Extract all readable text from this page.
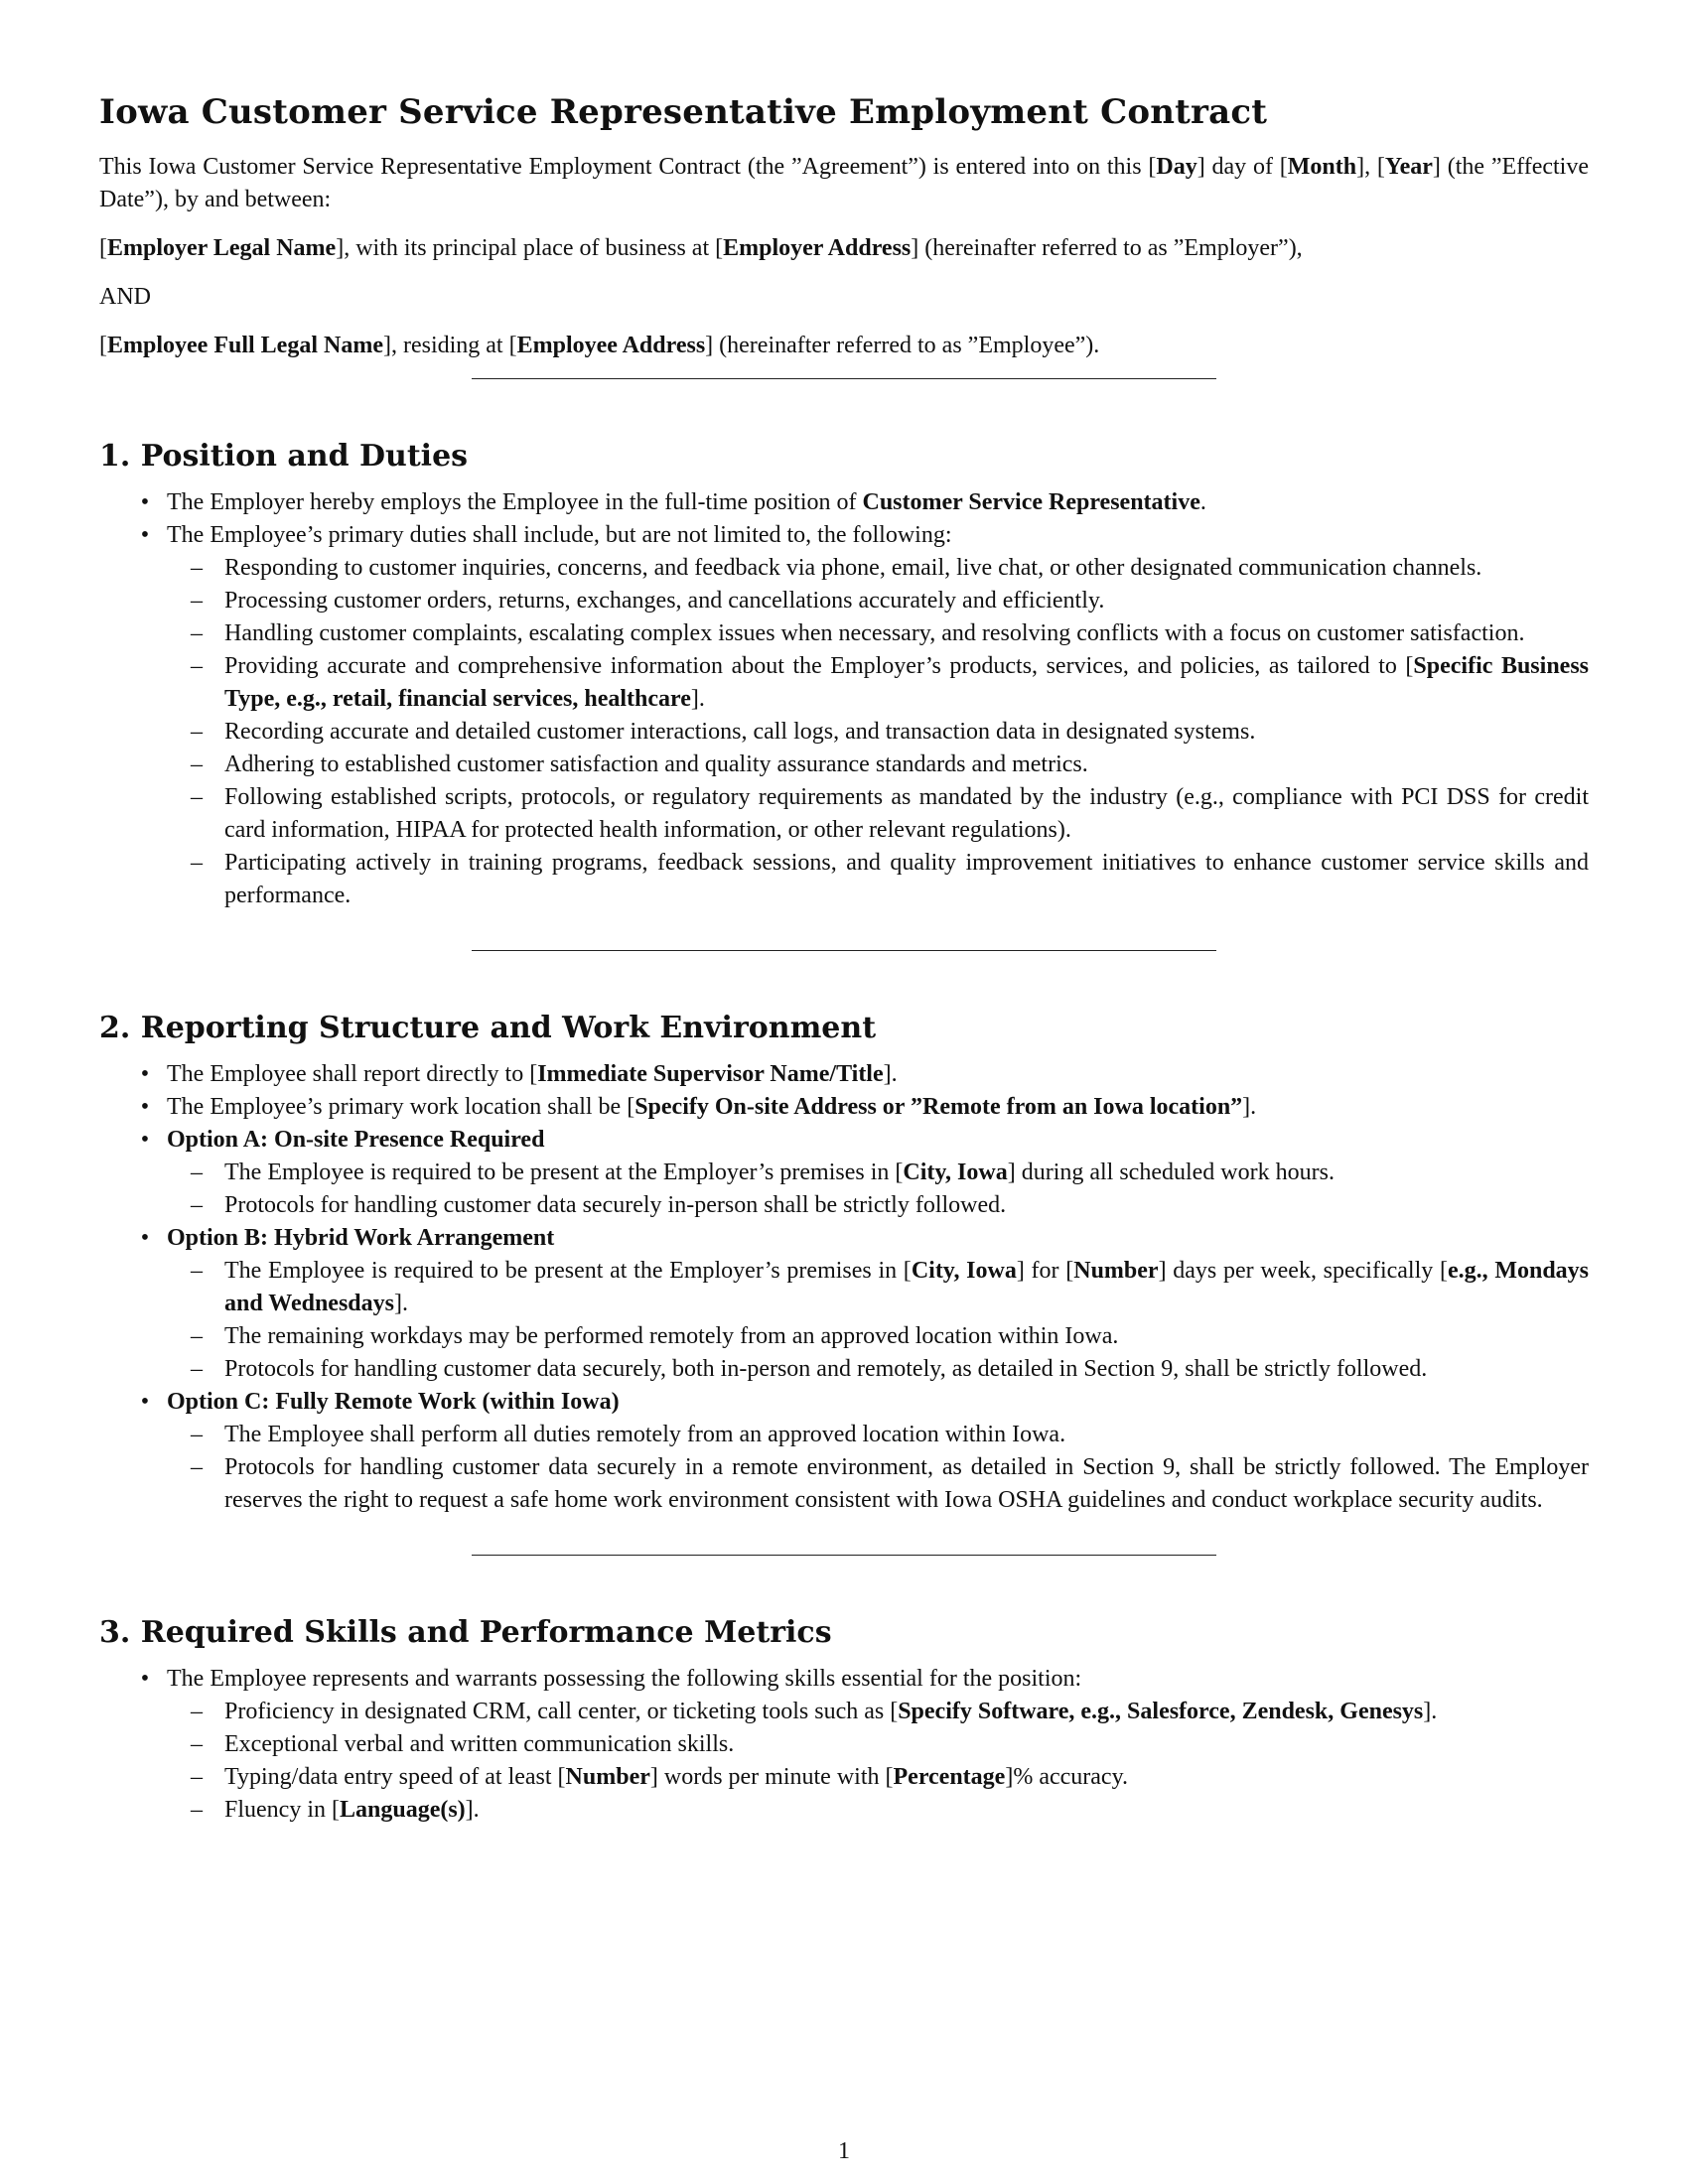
Iowa Customer Service Representative Employment Contract

This Iowa Customer Service Representative Employment Contract (the ”Agreement”) is entered into on this [Day] day of [Month], [Year] (the ”Effective Date”), by and between:

[Employer Legal Name], with its principal place of business at [Employer Address] (hereinafter referred to as ”Employer”),

AND

[Employee Full Legal Name], residing at [Employee Address] (hereinafter referred to as ”Employee”).

1. Position and Duties
• The Employer hereby employs the Employee in the full-time position of Customer Service Representative.
• The Employee’s primary duties shall include, but are not limited to, the following:
– Responding to customer inquiries, concerns, and feedback via phone, email, live chat, or other designated communication channels.
– Processing customer orders, returns, exchanges, and cancellations accurately and efficiently.
– Handling customer complaints, escalating complex issues when necessary, and resolving conflicts with a focus on customer satisfaction.
– Providing accurate and comprehensive information about the Employer’s products, services, and policies, as tailored to [Specific Business Type, e.g., retail, financial services, healthcare].
– Recording accurate and detailed customer interactions, call logs, and transaction data in designated systems.
– Adhering to established customer satisfaction and quality assurance standards and metrics.
– Following established scripts, protocols, or regulatory requirements as mandated by the industry (e.g., compliance with PCI DSS for credit card information, HIPAA for protected health information, or other relevant regulations).
– Participating actively in training programs, feedback sessions, and quality improvement initiatives to enhance customer service skills and performance.
2. Reporting Structure and Work Environment
• The Employee shall report directly to [Immediate Supervisor Name/Title].
• The Employee’s primary work location shall be [Specify On-site Address or ”Remote from an Iowa location”].
• Option A: On-site Presence Required
– The Employee is required to be present at the Employer’s premises in [City, Iowa] during all scheduled work hours.
– Protocols for handling customer data securely in-person shall be strictly followed.
• Option B: Hybrid Work Arrangement
– The Employee is required to be present at the Employer’s premises in [City, Iowa] for [Number] days per week, specifically [e.g., Mondays and Wednesdays].
– The remaining workdays may be performed remotely from an approved location within Iowa.
– Protocols for handling customer data securely, both in-person and remotely, as detailed in Section 9, shall be strictly followed.
• Option C: Fully Remote Work (within Iowa)
– The Employee shall perform all duties remotely from an approved location within Iowa.
– Protocols for handling customer data securely in a remote environment, as detailed in Section 9, shall be strictly followed. The Employer reserves the right to request a safe home work environment consistent with Iowa OSHA guidelines and conduct workplace security audits.
3. Required Skills and Performance Metrics
• The Employee represents and warrants possessing the following skills essential for the position:
– Proficiency in designated CRM, call center, or ticketing tools such as [Specify Software, e.g., Salesforce, Zendesk, Genesys].
– Exceptional verbal and written communication skills.
– Typing/data entry speed of at least [Number] words per minute with [Percentage]% accuracy.
– Fluency in [Language(s)].
1
